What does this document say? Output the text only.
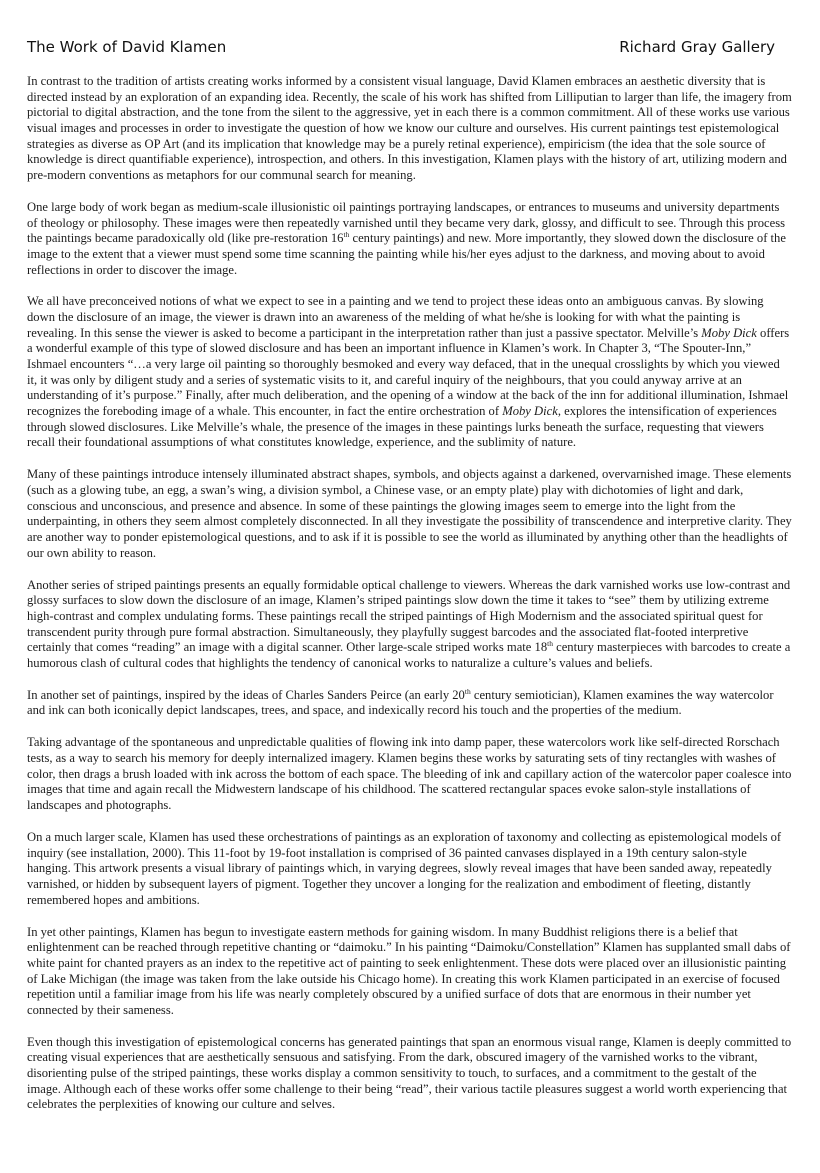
The Work of David Klamen	Richard Gray Gallery

In contrast to the tradition of artists creating works informed by a consistent visual language, David Klamen embraces an aesthetic diversity that is directed instead by an exploration of an expanding idea. Recently, the scale of his work has shifted from Lilliputian to larger than life, the imagery from pictorial to digital abstraction, and the tone from the silent to the aggressive, yet in each there is a common commitment. All of these works use various visual images and processes in order to investigate the question of how we know our culture and ourselves. His current paintings test epistemological strategies as diverse as OP Art (and its implication that knowledge may be a purely retinal experience), empiricism (the idea that the sole source of knowledge is direct quantifiable experience), introspection, and others. In this investigation, Klamen plays with the history of art, utilizing modern and pre-modern conventions as metaphors for our communal search for meaning.

One large body of work began as medium-scale illusionistic oil paintings portraying landscapes, or entrances to museums and university departments of theology or philosophy. These images were then repeatedly varnished until they became very dark, glossy, and difficult to see. Through this process the paintings became paradoxically old (like pre-restoration 16th century paintings) and new. More importantly, they slowed down the disclosure of the image to the extent that a viewer must spend some time scanning the painting while his/her eyes adjust to the darkness, and moving about to avoid reflections in order to discover the image.

We all have preconceived notions of what we expect to see in a painting and we tend to project these ideas onto an ambiguous canvas. By slowing down the disclosure of an image, the viewer is drawn into an awareness of the melding of what he/she is looking for with what the painting is revealing. In this sense the viewer is asked to become a participant in the interpretation rather than just a passive spectator. Melville’s Moby Dick offers a wonderful example of this type of slowed disclosure and has been an important influence in Klamen’s work. In Chapter 3, “The Spouter-Inn,” Ishmael encounters “…a very large oil painting so thoroughly besmoked and every way defaced, that in the unequal crosslights by which you viewed it, it was only by diligent study and a series of systematic visits to it, and careful inquiry of the neighbours, that you could anyway arrive at an understanding of it’s purpose.” Finally, after much deliberation, and the opening of a window at the back of the inn for additional illumination, Ishmael recognizes the foreboding image of a whale. This encounter, in fact the entire orchestration of Moby Dick, explores the intensification of experiences through slowed disclosures. Like Melville’s whale, the presence of the images in these paintings lurks beneath the surface, requesting that viewers recall their foundational assumptions of what constitutes knowledge, experience, and the sublimity of nature.

Many of these paintings introduce intensely illuminated abstract shapes, symbols, and objects against a darkened, overvarnished image. These elements (such as a glowing tube, an egg, a swan’s wing, a division symbol, a Chinese vase, or an empty plate) play with dichotomies of light and dark, conscious and unconscious, and presence and absence. In some of these paintings the glowing images seem to emerge into the light from the underpainting, in others they seem almost completely disconnected. In all they investigate the possibility of transcendence and interpretive clarity. They are another way to ponder epistemological questions, and to ask if it is possible to see the world as illuminated by anything other than the headlights of our own ability to reason.

Another series of striped paintings presents an equally formidable optical challenge to viewers. Whereas the dark varnished works use low-contrast and glossy surfaces to slow down the disclosure of an image, Klamen’s striped paintings slow down the time it takes to “see” them by utilizing extreme high-contrast and complex undulating forms. These paintings recall the striped paintings of High Modernism and the associated spiritual quest for transcendent purity through pure formal abstraction. Simultaneously, they playfully suggest barcodes and the associated flat-footed interpretive certainly that comes “reading” an image with a digital scanner. Other large-scale striped works mate 18th century masterpieces with barcodes to create a humorous clash of cultural codes that highlights the tendency of canonical works to naturalize a culture’s values and beliefs.

In another set of paintings, inspired by the ideas of Charles Sanders Peirce (an early 20th century semiotician), Klamen examines the way watercolor and ink can both iconically depict landscapes, trees, and space, and indexically record his touch and the properties of the medium.

Taking advantage of the spontaneous and unpredictable qualities of flowing ink into damp paper, these watercolors work like self-directed Rorschach tests, as a way to search his memory for deeply internalized imagery. Klamen begins these works by saturating sets of tiny rectangles with washes of color, then drags a brush loaded with ink across the bottom of each space. The bleeding of ink and capillary action of the watercolor paper coalesce into images that time and again recall the Midwestern landscape of his childhood. The scattered rectangular spaces evoke salon-style installations of landscapes and photographs.

On a much larger scale, Klamen has used these orchestrations of paintings as an exploration of taxonomy and collecting as epistemological models of inquiry (see installation, 2000). This 11-foot by 19-foot installation is comprised of 36 painted canvases displayed in a 19th century salon-style hanging. This artwork presents a visual library of paintings which, in varying degrees, slowly reveal images that have been sanded away, repeatedly varnished, or hidden by subsequent layers of pigment. Together they uncover a longing for the realization and embodiment of fleeting, distantly remembered hopes and ambitions.

In yet other paintings, Klamen has begun to investigate eastern methods for gaining wisdom. In many Buddhist religions there is a belief that enlightenment can be reached through repetitive chanting or “daimoku.” In his painting “Daimoku/Constellation” Klamen has supplanted small dabs of white paint for chanted prayers as an index to the repetitive act of painting to seek enlightenment. These dots were placed over an illusionistic painting of Lake Michigan (the image was taken from the lake outside his Chicago home). In creating this work Klamen participated in an exercise of focused repetition until a familiar image from his life was nearly completely obscured by a unified surface of dots that are enormous in their number yet connected by their sameness.

Even though this investigation of epistemological concerns has generated paintings that span an enormous visual range, Klamen is deeply committed to creating visual experiences that are aesthetically sensuous and satisfying. From the dark, obscured imagery of the varnished works to the vibrant, disorienting pulse of the striped paintings, these works display a common sensitivity to touch, to surfaces, and a commitment to the gestalt of the image. Although each of these works offer some challenge to their being “read”, their various tactile pleasures suggest a world worth experiencing that celebrates the perplexities of knowing our culture and selves.
